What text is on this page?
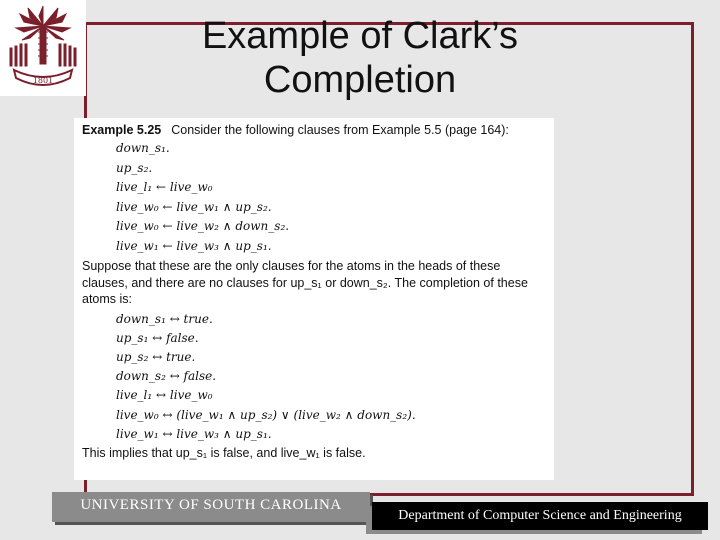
1801
Example of Clark’s
Completion
Example 5.25 Consider the following clauses from Example 5.5 (page 164):
down_s₁.
up_s₂.
live_l₁ ← live_w₀
live_w₀ ← live_w₁ ∧ up_s₂.
live_w₀ ← live_w₂ ∧ down_s₂.
live_w₁ ← live_w₃ ∧ up_s₁.
Suppose that these are the only clauses for the atoms in the heads of these clauses, and there are no clauses for up_s₁ or down_s₂. The completion of these atoms is:
down_s₁ ↔ true.
up_s₁ ↔ false.
up_s₂ ↔ true.
down_s₂ ↔ false.
live_l₁ ↔ live_w₀
live_w₀ ↔ (live_w₁ ∧ up_s₂) ∨ (live_w₂ ∧ down_s₂).
live_w₁ ↔ live_w₃ ∧ up_s₁.
This implies that up_s₁ is false, and live_w₁ is false.
UNIVERSITY OF SOUTH CAROLINA
Department of Computer Science and Engineering
